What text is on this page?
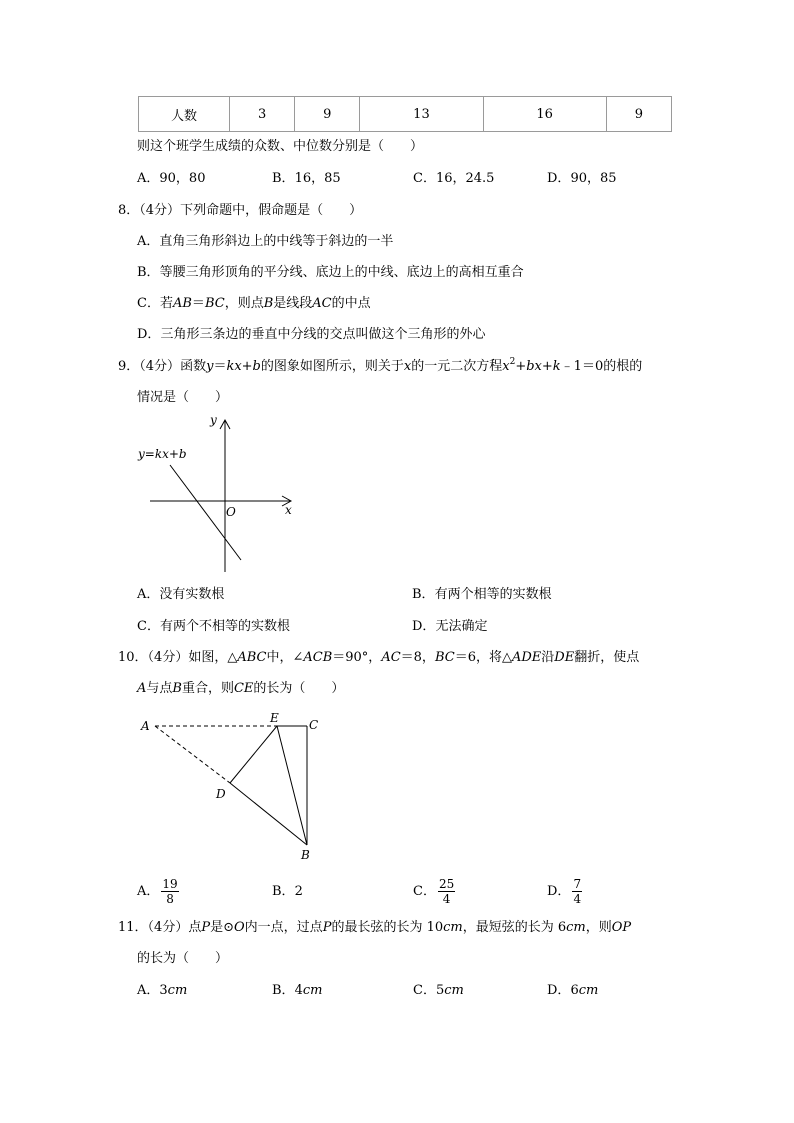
人数	3	9	13	16	9
则这个班学生成绩的众数、中位数分别是（　　）
A．90，80	B．16，85	C．16，24.5	D．90，85
8．（4分）下列命题中，假命题是（　　）
A．直角三角形斜边上的中线等于斜边的一半
B．等腰三角形顶角的平分线、底边上的中线、底边上的高相互重合
C．若AB＝BC，则点B是线段AC的中点
D．三角形三条边的垂直中分线的交点叫做这个三角形的外心
9．（4分）函数y＝kx+b的图象如图所示，则关于x的一元二次方程$x^2+bx+k﹣1=0$的根的
情况是（　　）
y
x
O
y=kx+b
A．没有实数根	B．有两个相等的实数根
C．有两个不相等的实数根	D．无法确定
10．（4分）如图，△ABC中，∠ACB＝90°，AC＝8，BC＝6，将△ADE沿DE翻折，使点
A与点B重合，则CE的长为（　　）
A
E	C
D
B
A． $\frac{19}{8}$	B．2	C． $\frac{25}{4}$	D． $\frac{7}{4}$
11．（4分）点P是⊙O内一点，过点P的最长弦的长为 10cm，最短弦的长为 6cm，则OP
的长为（　　）
A．3cm	B．4cm	C．5cm	D．6cm
